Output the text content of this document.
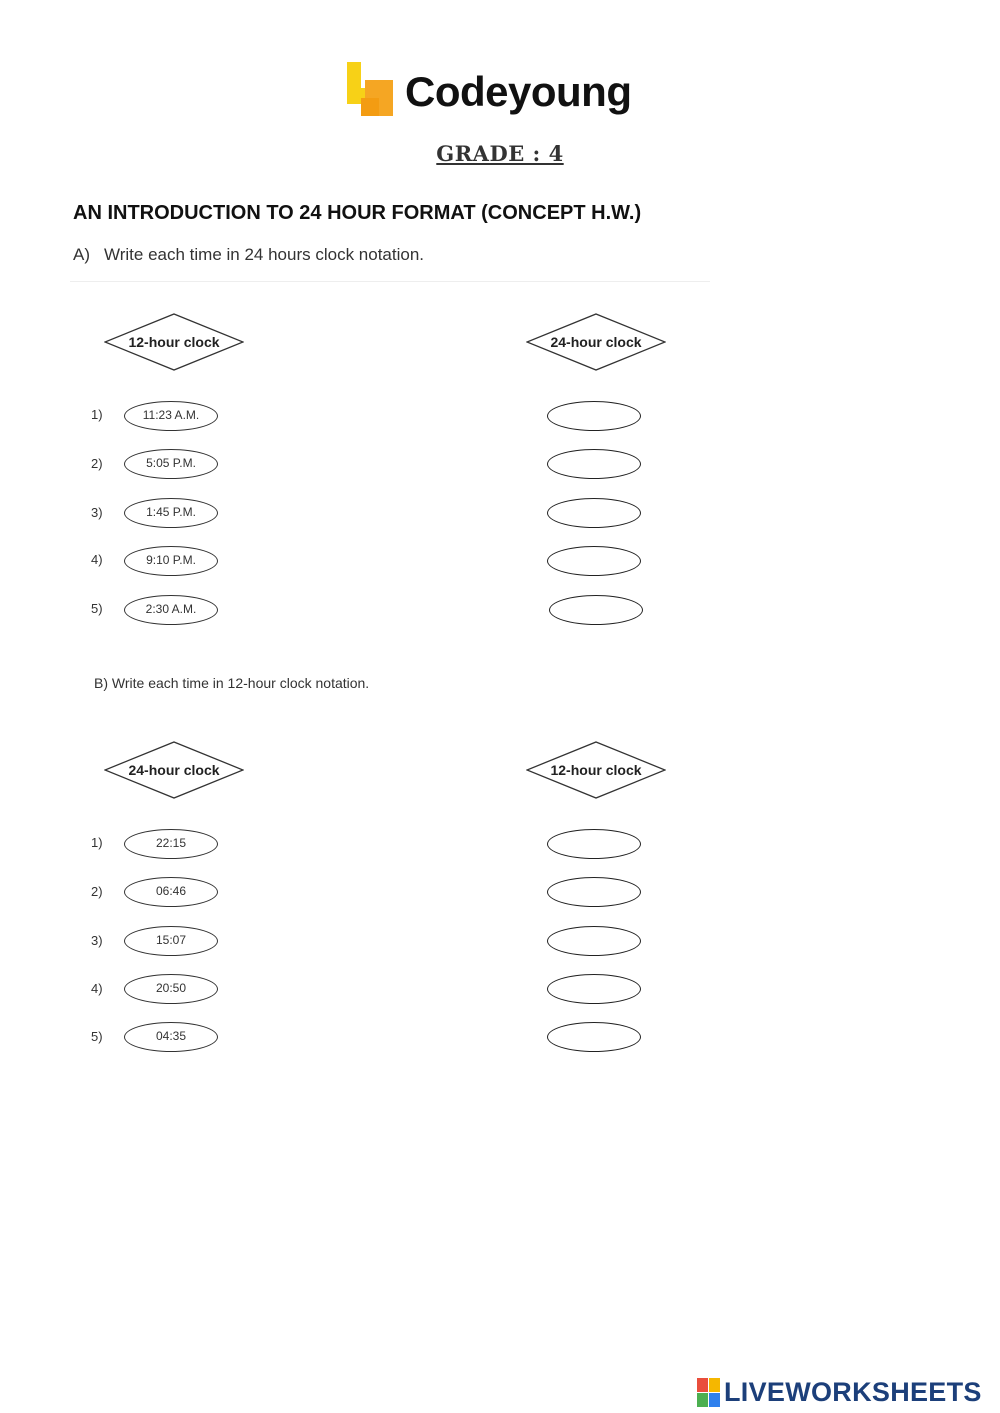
Codeyoung
GRADE : 4
AN INTRODUCTION TO 24 HOUR FORMAT (CONCEPT H.W.)
A) Write each time in 24 hours clock notation.
12-hour clock	24-hour clock
1)	11:23 A.M.
2)	5:05 P.M.
3)	1:45 P.M.
4)	9:10 P.M.
5)	2:30 A.M.
B) Write each time in 12-hour clock notation.
24-hour clock	12-hour clock
1)	22:15
2)	06:46
3)	15:07
4)	20:50
5)	04:35
LIVEWORKSHEETS
